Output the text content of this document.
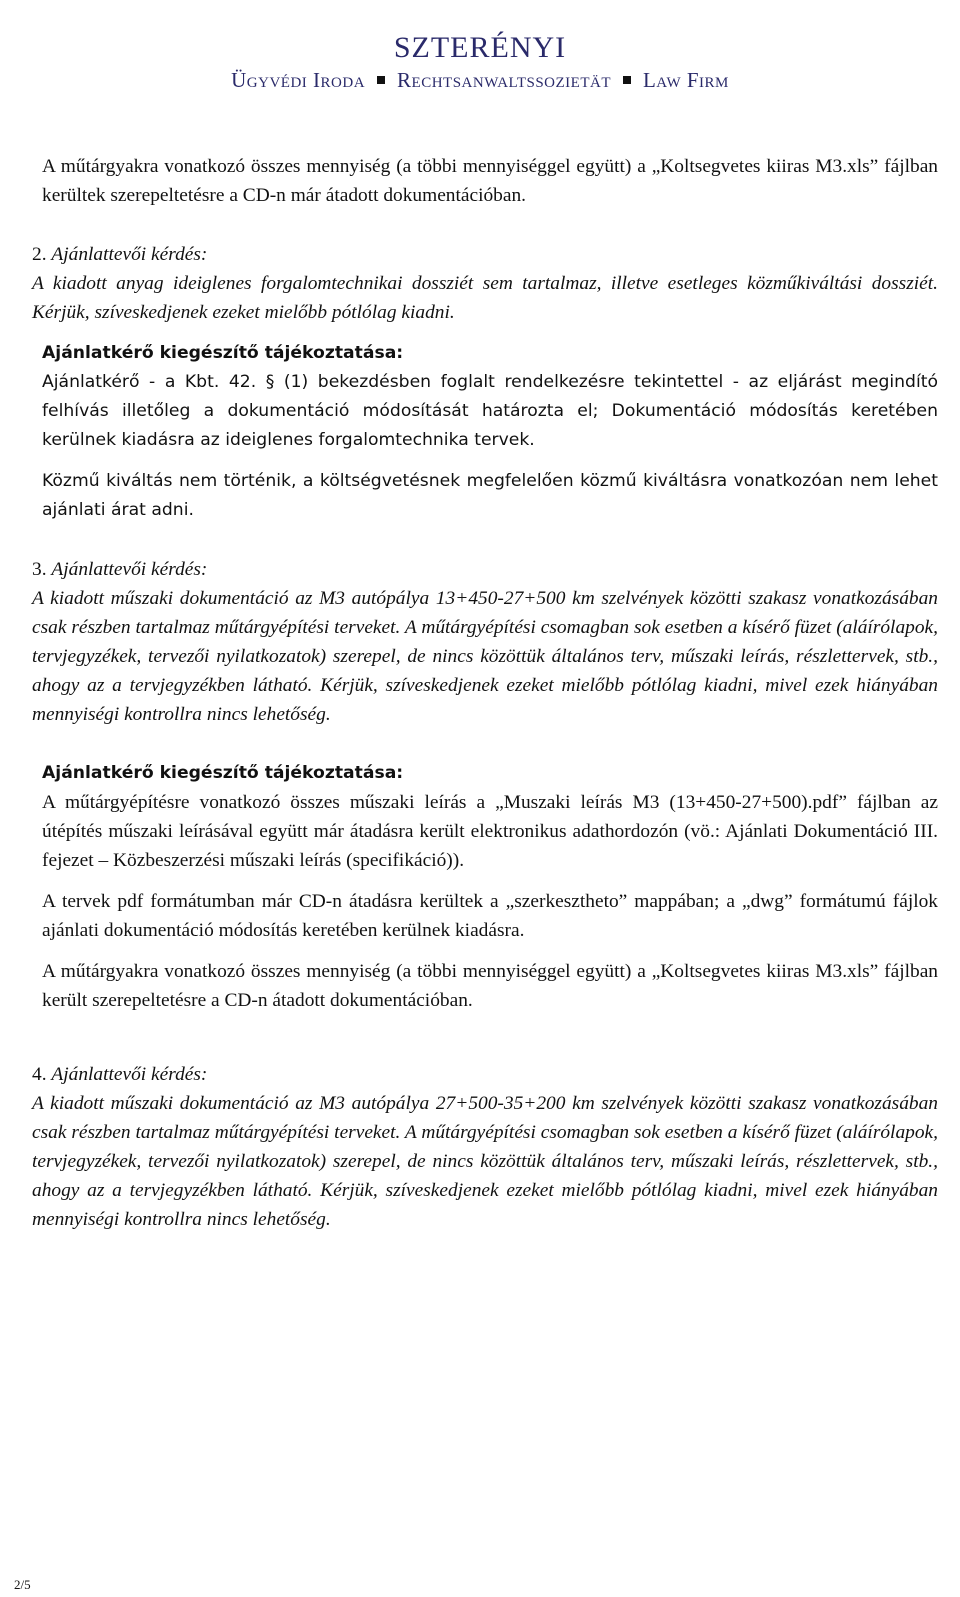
SZTERÉNYI
Ügyvédi Iroda Rechtsanwaltssozietät Law Firm

A műtárgyakra vonatkozó összes mennyiség (a többi mennyiséggel együtt) a „Koltsegvetes kiiras M3.xls” fájlban kerültek szerepeltetésre a CD-n már átadott dokumentációban.

2. Ajánlattevői kérdés:

A kiadott anyag ideiglenes forgalomtechnikai dossziét sem tartalmaz, illetve esetleges közműkiváltási dossziét. Kérjük, szíveskedjenek ezeket mielőbb pótlólag kiadni.

Ajánlatkérő kiegészítő tájékoztatása:

Ajánlatkérő - a Kbt. 42. § (1) bekezdésben foglalt rendelkezésre tekintettel - az eljárást megindító felhívás illetőleg a dokumentáció módosítását határozta el; Dokumentáció módosítás keretében kerülnek kiadásra az ideiglenes forgalomtechnika tervek.

Közmű kiváltás nem történik, a költségvetésnek megfelelően közmű kiváltásra vonatkozóan nem lehet ajánlati árat adni.

3. Ajánlattevői kérdés:

A kiadott műszaki dokumentáció az M3 autópálya 13+450-27+500 km szelvények közötti szakasz vonatkozásában csak részben tartalmaz műtárgyépítési terveket. A műtárgyépítési csomagban sok esetben a kísérő füzet (aláírólapok, tervjegyzékek, tervezői nyilatkozatok) szerepel, de nincs közöttük általános terv, műszaki leírás, részlettervek, stb., ahogy az a tervjegyzékben látható. Kérjük, szíveskedjenek ezeket mielőbb pótlólag kiadni, mivel ezek hiányában mennyiségi kontrollra nincs lehetőség.

Ajánlatkérő kiegészítő tájékoztatása:

A műtárgyépítésre vonatkozó összes műszaki leírás a „Muszaki leírás M3 (13+450-27+500).pdf” fájlban az útépítés műszaki leírásával együtt már átadásra került elektronikus adathordozón (vö.: Ajánlati Dokumentáció III. fejezet – Közbeszerzési műszaki leírás (specifikáció)).

A tervek pdf formátumban már CD-n átadásra kerültek a „szerkesztheto” mappában; a „dwg” formátumú fájlok ajánlati dokumentáció módosítás keretében kerülnek kiadásra.

A műtárgyakra vonatkozó összes mennyiség (a többi mennyiséggel együtt) a „Koltsegvetes kiiras M3.xls” fájlban került szerepeltetésre a CD-n átadott dokumentációban.

4. Ajánlattevői kérdés:

A kiadott műszaki dokumentáció az M3 autópálya 27+500-35+200 km szelvények közötti szakasz vonatkozásában csak részben tartalmaz műtárgyépítési terveket. A műtárgyépítési csomagban sok esetben a kísérő füzet (aláírólapok, tervjegyzékek, tervezői nyilatkozatok) szerepel, de nincs közöttük általános terv, műszaki leírás, részlettervek, stb., ahogy az a tervjegyzékben látható. Kérjük, szíveskedjenek ezeket mielőbb pótlólag kiadni, mivel ezek hiányában mennyiségi kontrollra nincs lehetőség.

2/5
